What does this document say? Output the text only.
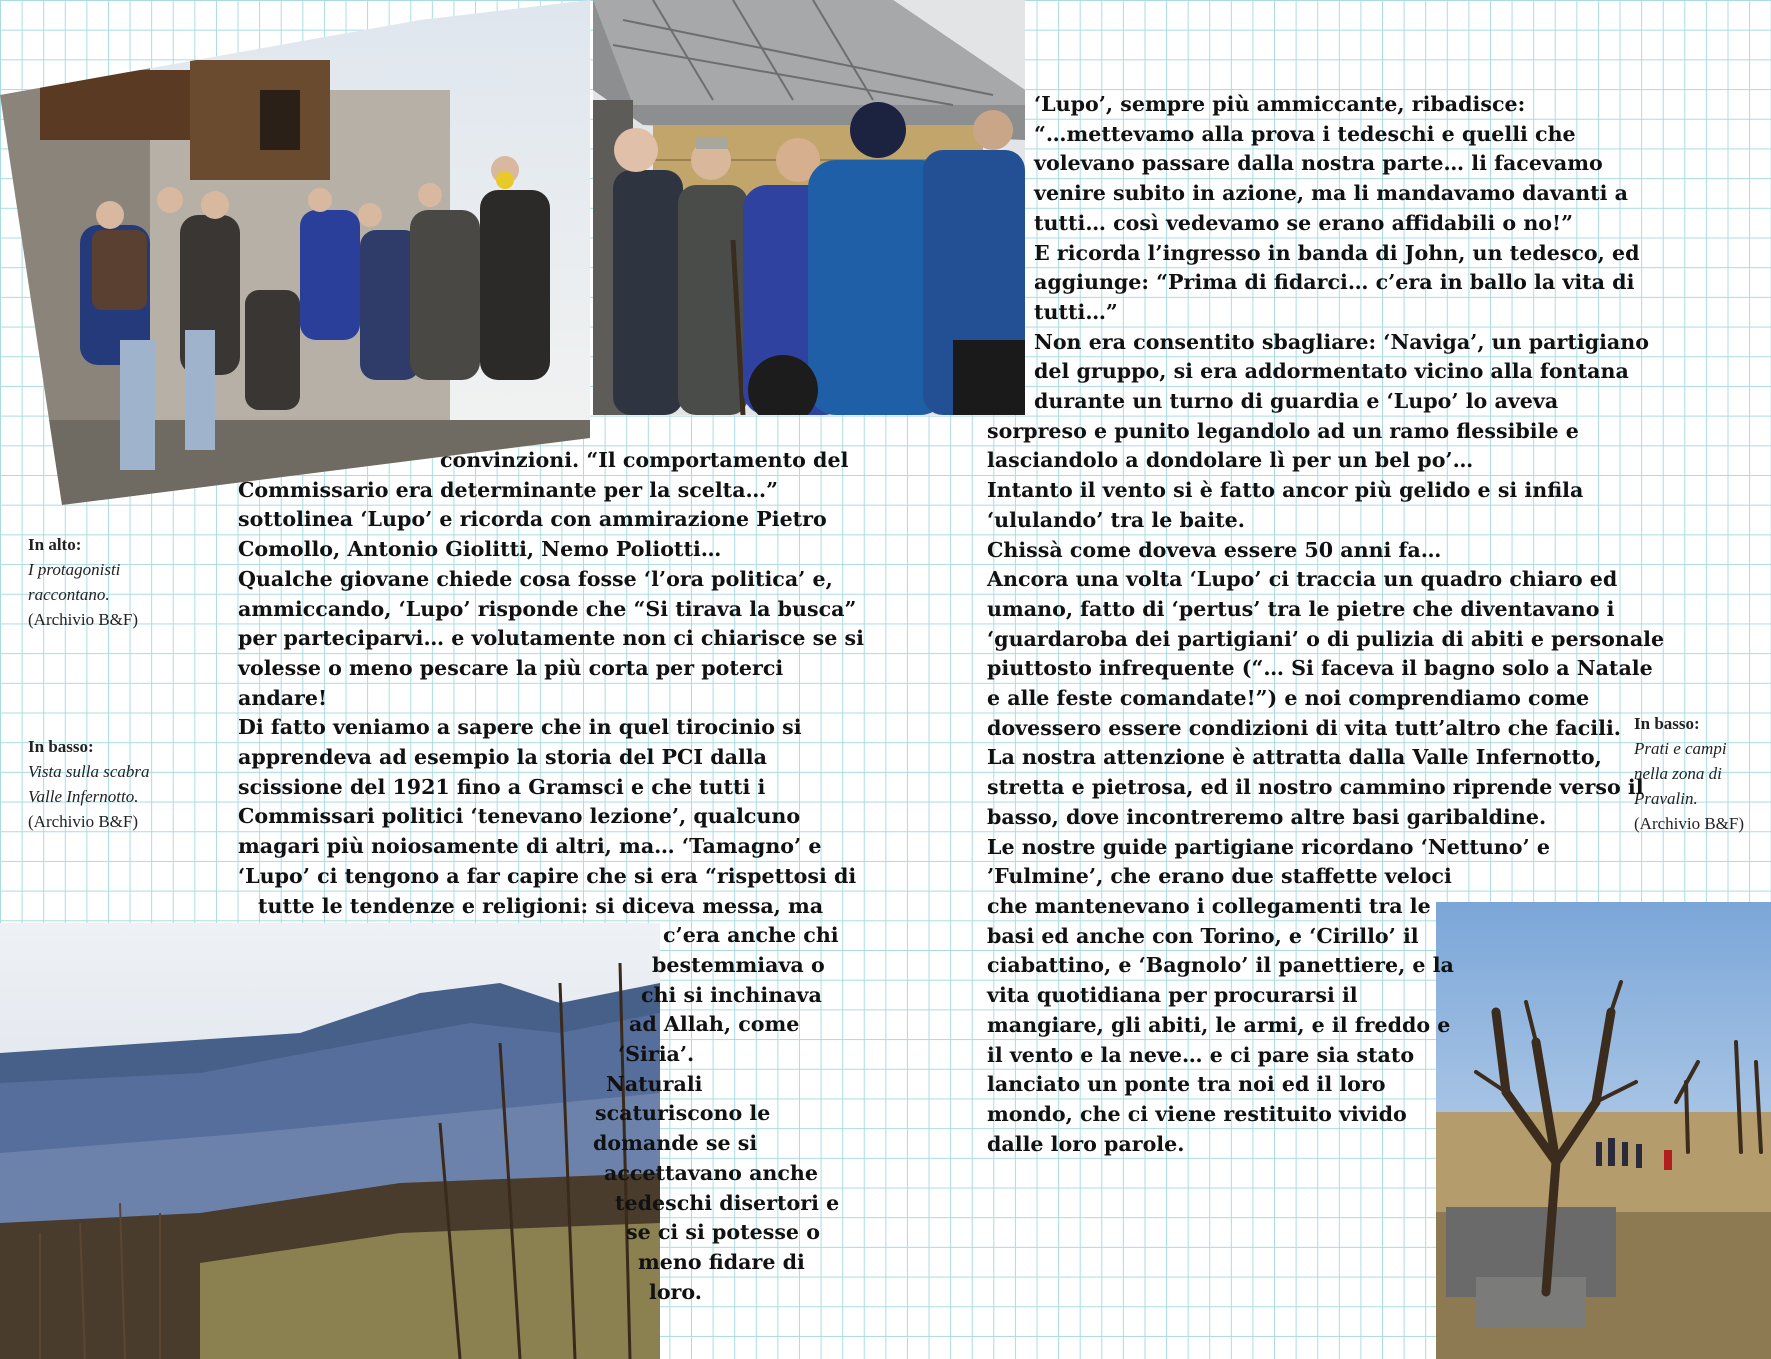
In alto:
I protagonisti
raccontano.
(Archivio B&F)
In basso:
Vista sulla scabra
Valle Infernotto.
(Archivio B&F)
In basso:
Prati e campi
nella zona di
Pravalin.
(Archivio B&F)
convinzioni. “Il comportamento del
Commissario era determinante per la scelta…”
sottolinea ‘Lupo’ e ricorda con ammirazione Pietro
Comollo, Antonio Giolitti, Nemo Poliotti…
Qualche giovane chiede cosa fosse ‘l’ora politica’ e,
ammiccando, ‘Lupo’ risponde che “Si tirava la busca”
per parteciparvi… e volutamente non ci chiarisce se si
volesse o meno pescare la più corta per poterci
andare!
Di fatto veniamo a sapere che in quel tirocinio si
apprendeva ad esempio la storia del PCI dalla
scissione del 1921 fino a Gramsci e che tutti i
Commissari politici ‘tenevano lezione’, qualcuno
magari più noiosamente di altri, ma… ‘Tamagno’ e
‘Lupo’ ci tengono a far capire che si era “rispettosi di
tutte le tendenze e religioni: si diceva messa, ma
c’era anche chi
bestemmiava o
chi si inchinava
ad Allah, come
‘Siria’.
Naturali
scaturiscono le
domande se si
accettavano anche
tedeschi disertori e
se ci si potesse o
meno fidare di
loro.
‘Lupo’, sempre più ammiccante, ribadisce:
“…mettevamo alla prova i tedeschi e quelli che
volevano passare dalla nostra parte… li facevamo
venire subito in azione, ma li mandavamo davanti a
tutti… così vedevamo se erano affidabili o no!”
E ricorda l’ingresso in banda di John, un tedesco, ed
aggiunge: “Prima di fidarci… c’era in ballo la vita di
tutti…”
Non era consentito sbagliare: ‘Naviga’, un partigiano
del gruppo, si era addormentato vicino alla fontana
durante un turno di guardia e ‘Lupo’ lo aveva
sorpreso e punito legandolo ad un ramo flessibile e
lasciandolo a dondolare lì per un bel po’…
Intanto il vento si è fatto ancor più gelido e si infila
‘ululando’ tra le baite.
Chissà come doveva essere 50 anni fa…
Ancora una volta ‘Lupo’ ci traccia un quadro chiaro ed
umano, fatto di ‘pertus’ tra le pietre che diventavano i
‘guardaroba dei partigiani’ o di pulizia di abiti e personale
piuttosto infrequente (“… Si faceva il bagno solo a Natale
e alle feste comandate!”) e noi comprendiamo come
dovessero essere condizioni di vita tutt’altro che facili.
La nostra attenzione è attratta dalla Valle Infernotto,
stretta e pietrosa, ed il nostro cammino riprende verso il
basso, dove incontreremo altre basi garibaldine.
Le nostre guide partigiane ricordano ‘Nettuno’ e
’Fulmine’, che erano due staffette veloci
che mantenevano i collegamenti tra le
basi ed anche con Torino, e ‘Cirillo’ il
ciabattino, e ‘Bagnolo’ il panettiere, e la
vita quotidiana per procurarsi il
mangiare, gli abiti, le armi, e il freddo e
il vento e la neve… e ci pare sia stato
lanciato un ponte tra noi ed il loro
mondo, che ci viene restituito vivido
dalle loro parole.
